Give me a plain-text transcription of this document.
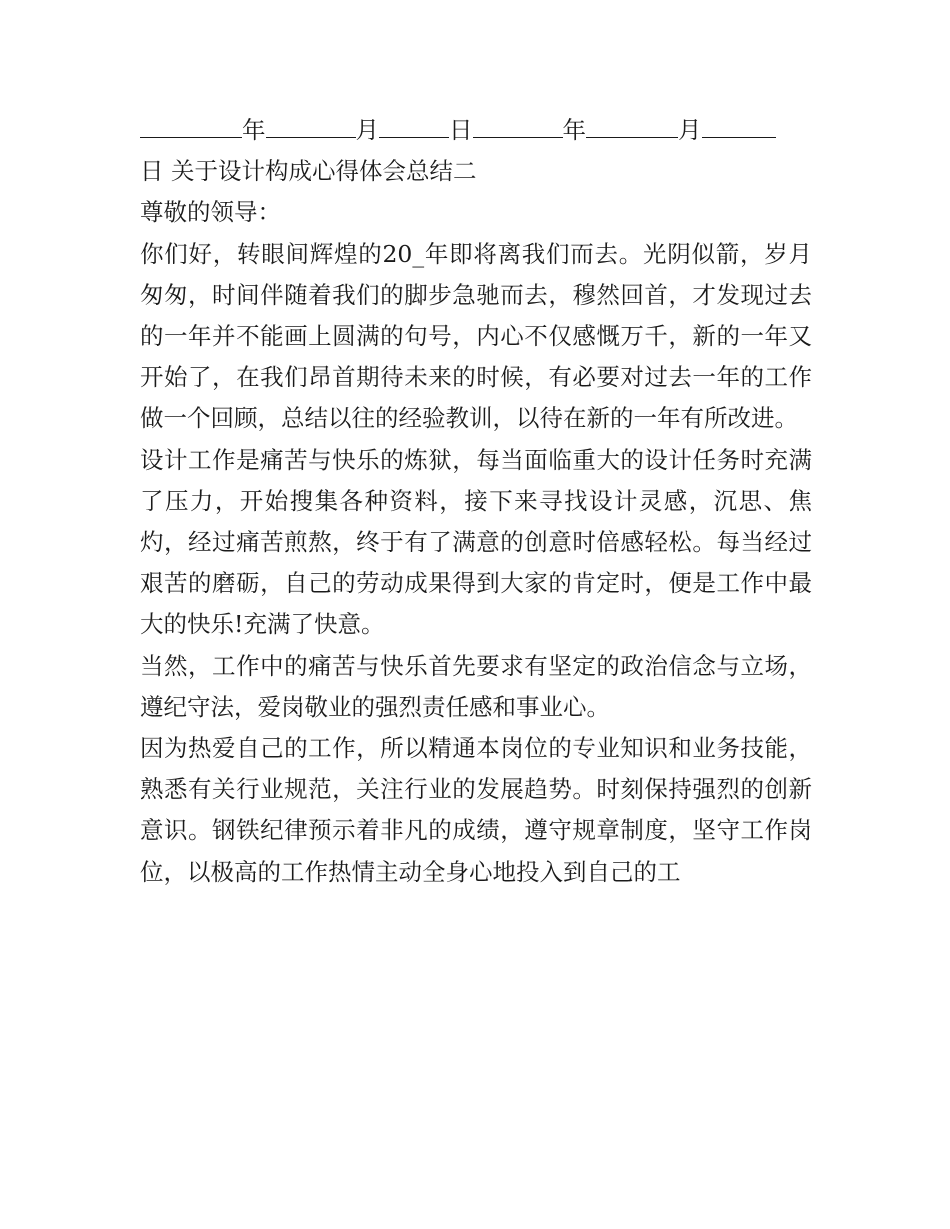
年	月	日	年	月

日 关于设计构成心得体会总结二

尊敬的领导：

你们好，转眼间辉煌的20_年即将离我们而去。光阴似箭，岁月匆匆，时间伴随着我们的脚步急驰而去，穆然回首，才发现过去的一年并不能画上圆满的句号，内心不仅感慨万千，新的一年又开始了，在我们昂首期待未来的时候，有必要对过去一年的工作做一个回顾，总结以往的经验教训，以待在新的一年有所改进。

设计工作是痛苦与快乐的炼狱，每当面临重大的设计任务时充满了压力，开始搜集各种资料，接下来寻找设计灵感，沉思、焦灼，经过痛苦煎熬，终于有了满意的创意时倍感轻松。每当经过艰苦的磨砺，自己的劳动成果得到大家的肯定时，便是工作中最大的快乐!充满了快意。

当然，工作中的痛苦与快乐首先要求有坚定的政治信念与立场，遵纪守法，爱岗敬业的强烈责任感和事业心。

因为热爱自己的工作，所以精通本岗位的专业知识和业务技能，熟悉有关行业规范，关注行业的发展趋势。时刻保持强烈的创新意识。钢铁纪律预示着非凡的成绩，遵守规章制度，坚守工作岗位，以极高的工作热情主动全身心地投入到自己的工
